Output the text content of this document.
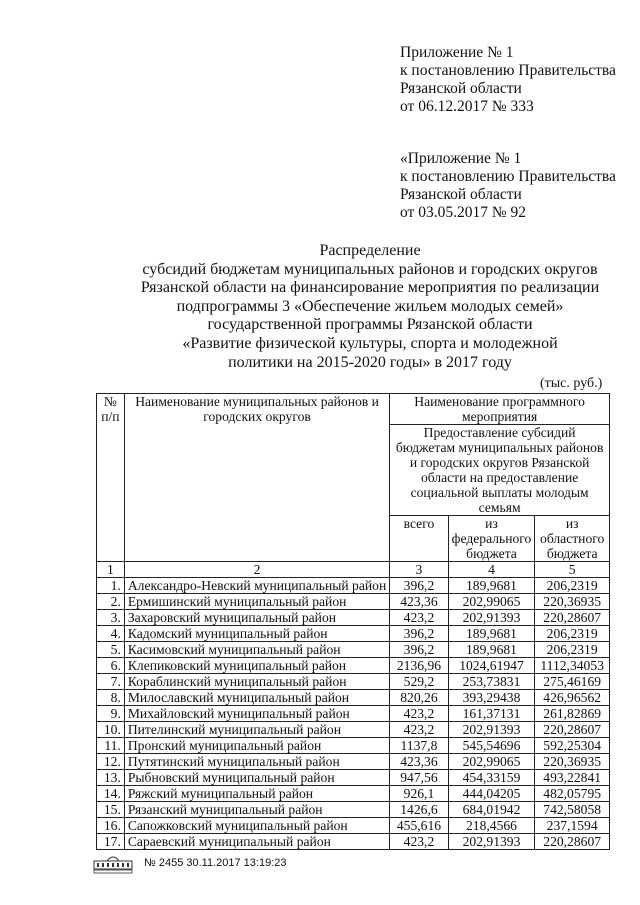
Приложение № 1
к постановлению Правительства
Рязанской области
от 06.12.2017 № 333
«Приложение № 1
к постановлению Правительства
Рязанской области
от 03.05.2017 № 92
Распределение
субсидий бюджетам муниципальных районов и городских округов
Рязанской области на финансирование мероприятия по реализации
подпрограммы 3 «Обеспечение жильем молодых семей»
государственной программы Рязанской области
«Развитие физической культуры, спорта и молодежной
политики на 2015-2020 годы» в 2017 году
(тыс. руб.)
№ п/п	Наименование муниципальных районов и городских округов	Наименование программного мероприятия		
		Предоставление субсидий бюджетам муниципальных районов и городских округов Рязанской области на предоставление социальной выплаты молодым семьям		
		всего	из федерального бюджета	из областного бюджета
1	2	3	4	5
1.	Александро-Невский муниципальный район	396,2	189,9681	206,2319
2.	Ермишинский муниципальный район	423,36	202,99065	220,36935
3.	Захаровский муниципальный район	423,2	202,91393	220,28607
4.	Кадомский муниципальный район	396,2	189,9681	206,2319
5.	Касимовский муниципальный район	396,2	189,9681	206,2319
6.	Клепиковский муниципальный район	2136,96	1024,61947	1112,34053
7.	Кораблинский муниципальный район	529,2	253,73831	275,46169
8.	Милославский муниципальный район	820,26	393,29438	426,96562
9.	Михайловский муниципальный район	423,2	161,37131	261,82869
10.	Пителинский муниципальный район	423,2	202,91393	220,28607
11.	Пронский муниципальный район	1137,8	545,54696	592,25304
12.	Путятинский муниципальный район	423,36	202,99065	220,36935
13.	Рыбновский муниципальный район	947,56	454,33159	493,22841
14.	Ряжский муниципальный район	926,1	444,04205	482,05795
15.	Рязанский муниципальный район	1426,6	684,01942	742,58058
16.	Сапожковский муниципальный район	455,616	218,4566	237,1594
17.	Сараевский муниципальный район	423,2	202,91393	220,28607
№ 2455 30.11.2017 13:19:23
